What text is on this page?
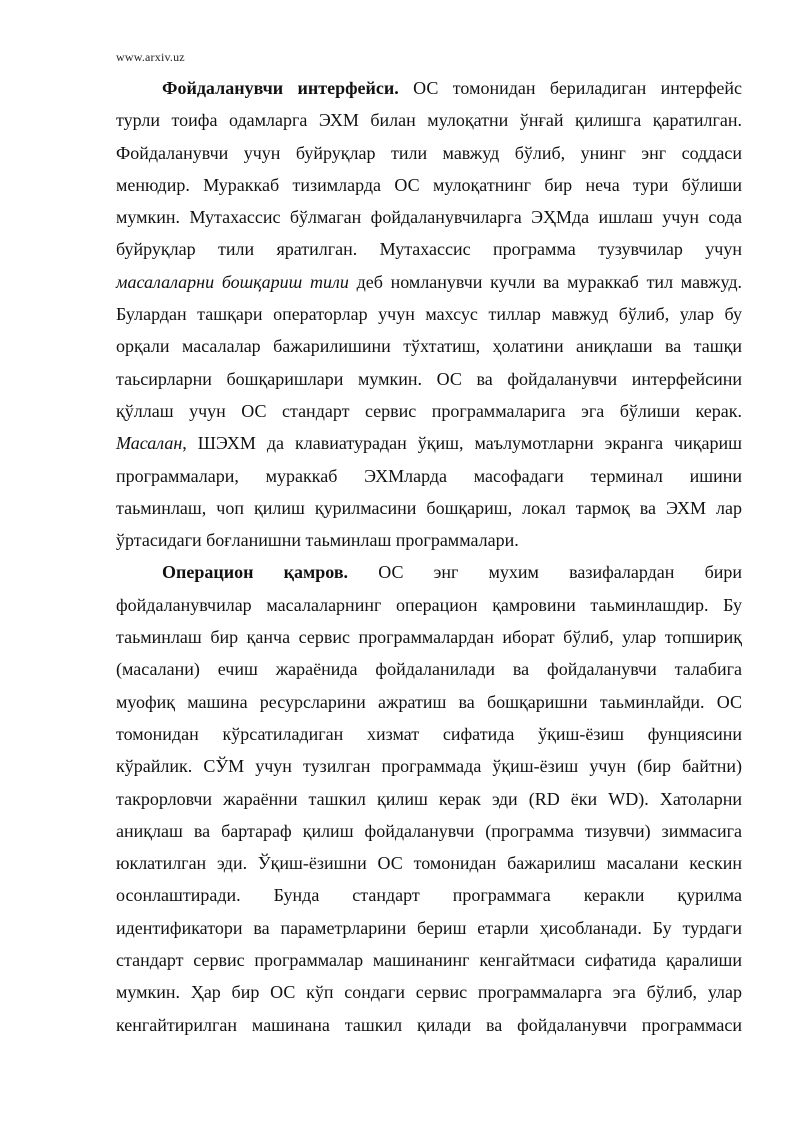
www.arxiv.uz
Фойдаланувчи интерфейси. ОС томонидан бериладиган интерфейс
турли тоифа одамларга ЭХМ билан мулоқатни ўнғай қилишга қаратилган.
Фойдаланувчи учун буйруқлар тили мавжуд бўлиб, унинг энг соддаси
менюдир. Мураккаб тизимларда ОС мулоқатнинг бир неча тури бўлиши
мумкин. Мутахассис бўлмаган фойдаланувчиларга ЭҲМда ишлаш учун сода
буйруқлар тили яратилган. Мутахассис программа тузувчилар учун
масалаларни бошқариш тили деб номланувчи кучли ва мураккаб тил мавжуд.
Булардан ташқари операторлар учун махсус тиллар мавжуд бўлиб, улар бу
орқали масалалар бажарилишини тўхтатиш, ҳолатини аниқлаши ва ташқи
таьсирларни бошқаришлари мумкин. ОС ва фойдаланувчи интерфейсини
қўллаш учун ОС стандарт сервис программаларига эга бўлиши керак.
Масалан, ШЭХМ да клавиатурадан ўқиш, маълумотларни экранга чиқариш
программалари, мураккаб ЭХМларда масофадаги терминал ишини
таьминлаш, чоп қилиш қурилмасини бошқариш, локал тармоқ ва ЭХМ лар
ўртасидаги боғланишни таьминлаш программалари.
Операцион қамров. ОС энг мухим вазифалардан бири
фойдаланувчилар масалаларнинг операцион қамровини таьминлашдир. Бу
таьминлаш бир қанча сервис программалардан иборат бўлиб, улар топшириқ
(масалани) ечиш жараёнида фойдаланилади ва фойдаланувчи талабига
муофиқ машина ресурсларини ажратиш ва бошқаришни таьминлайди. ОС
томонидан кўрсатиладиган хизмат сифатида ўқиш-ёзиш фунциясини
кўрайлик. СЎМ учун тузилган программада ўқиш-ёзиш учун (бир байтни)
такрорловчи жараённи ташкил қилиш керак эди (RD ёки WD). Хатоларни
аниқлаш ва бартараф қилиш фойдаланувчи (программа тизувчи) зиммасига
юклатилган эди. Ўқиш-ёзишни ОС томонидан бажарилиш масалани кескин
осонлаштиради. Бунда стандарт программага керакли қурилма
идентификатори ва параметрларини бериш етарли ҳисобланади. Бу турдаги
стандарт сервис программалар машинанинг кенгайтмаси сифатида қаралиши
мумкин. Ҳар бир ОС кўп сондаги сервис программаларга эга бўлиб, улар
кенгайтирилган машинана ташкил қилади ва фойдаланувчи программаси
